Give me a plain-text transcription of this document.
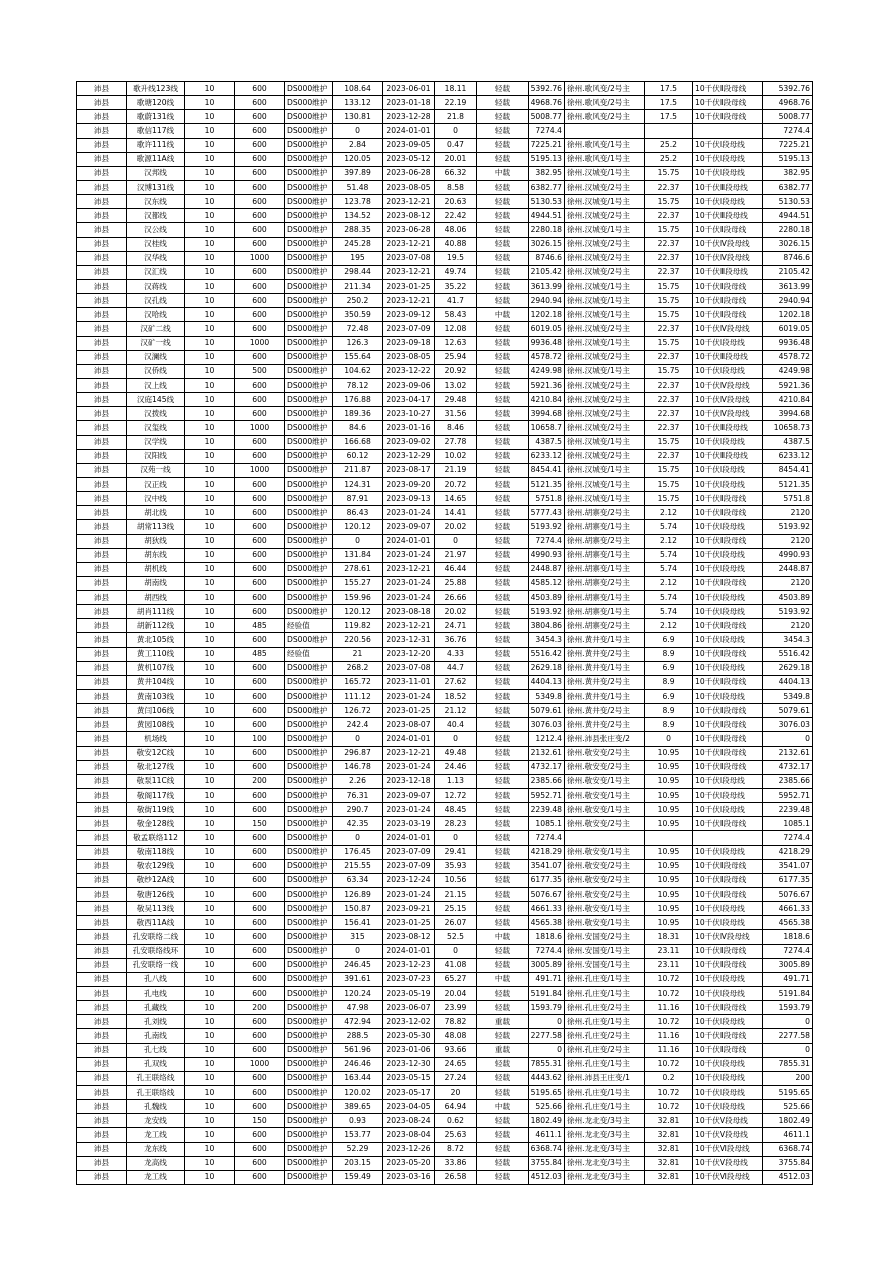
沛县	歌升线123线	10	600	DS000维护	108.64	2023-06-01	18.11	轻载	5392.76	徐州.歌风变/2号主	17.5	10千伏Ⅱ段母线	5392.76
沛县	歌塘120线	10	600	DS000维护	133.12	2023-01-18	22.19	轻载	4968.76	徐州.歌风变/2号主	17.5	10千伏Ⅱ段母线	4968.76
沛县	歌蔚131线	10	600	DS000维护	130.81	2023-12-28	21.8	轻载	5008.77	徐州.歌风变/2号主	17.5	10千伏Ⅱ段母线	5008.77
沛县	歌信117线	10	600	DS000维护	0	2024-01-01	0	轻载	7274.4				7274.4
沛县	歌许111线	10	600	DS000维护	2.84	2023-09-05	0.47	轻载	7225.21	徐州.歌风变/1号主	25.2	10千伏Ⅰ段母线	7225.21
沛县	歌源11A线	10	600	DS000维护	120.05	2023-05-12	20.01	轻载	5195.13	徐州.歌风变/1号主	25.2	10千伏Ⅰ段母线	5195.13
沛县	汉邦线	10	600	DS000维护	397.89	2023-06-28	66.32	中载	382.95	徐州.汉城变/1号主	15.75	10千伏Ⅰ段母线	382.95
沛县	汉博131线	10	600	DS000维护	51.48	2023-08-05	8.58	轻载	6382.77	徐州.汉城变/2号主	22.37	10千伏Ⅲ段母线	6382.77
沛县	汉东线	10	600	DS000维护	123.78	2023-12-21	20.63	轻载	5130.53	徐州.汉城变/1号主	15.75	10千伏Ⅰ段母线	5130.53
沛县	汉都线	10	600	DS000维护	134.52	2023-08-12	22.42	轻载	4944.51	徐州.汉城变/2号主	22.37	10千伏Ⅲ段母线	4944.51
沛县	汉公线	10	600	DS000维护	288.35	2023-06-28	48.06	轻载	2280.18	徐州.汉城变/1号主	15.75	10千伏Ⅱ段母线	2280.18
沛县	汉桂线	10	600	DS000维护	245.28	2023-12-21	40.88	轻载	3026.15	徐州.汉城变/2号主	22.37	10千伏Ⅳ段母线	3026.15
沛县	汉华线	10	1000	DS000维护	195	2023-07-08	19.5	轻载	8746.6	徐州.汉城变/2号主	22.37	10千伏Ⅳ段母线	8746.6
沛县	汉汇线	10	600	DS000维护	298.44	2023-12-21	49.74	轻载	2105.42	徐州.汉城变/2号主	22.37	10千伏Ⅲ段母线	2105.42
沛县	汉蒋线	10	600	DS000维护	211.34	2023-01-25	35.22	轻载	3613.99	徐州.汉城变/1号主	15.75	10千伏Ⅱ段母线	3613.99
沛县	汉孔线	10	600	DS000维护	250.2	2023-12-21	41.7	轻载	2940.94	徐州.汉城变/1号主	15.75	10千伏Ⅱ段母线	2940.94
沛县	汉哈线	10	600	DS000维护	350.59	2023-09-12	58.43	中载	1202.18	徐州.汉城变/1号主	15.75	10千伏Ⅱ段母线	1202.18
沛县	汉矿二线	10	600	DS000维护	72.48	2023-07-09	12.08	轻载	6019.05	徐州.汉城变/2号主	22.37	10千伏Ⅳ段母线	6019.05
沛县	汉矿一线	10	1000	DS000维护	126.3	2023-09-18	12.63	轻载	9936.48	徐州.汉城变/1号主	15.75	10千伏Ⅰ段母线	9936.48
沛县	汉澜线	10	600	DS000维护	155.64	2023-08-05	25.94	轻载	4578.72	徐州.汉城变/2号主	22.37	10千伏Ⅲ段母线	4578.72
沛县	汉侨线	10	500	DS000维护	104.62	2023-12-22	20.92	轻载	4249.98	徐州.汉城变/1号主	15.75	10千伏Ⅰ段母线	4249.98
沛县	汉上线	10	600	DS000维护	78.12	2023-09-06	13.02	轻载	5921.36	徐州.汉城变/2号主	22.37	10千伏Ⅳ段母线	5921.36
沛县	汉庭145线	10	600	DS000维护	176.88	2023-04-17	29.48	轻载	4210.84	徐州.汉城变/2号主	22.37	10千伏Ⅳ段母线	4210.84
沛县	汉拨线	10	600	DS000维护	189.36	2023-10-27	31.56	轻载	3994.68	徐州.汉城变/2号主	22.37	10千伏Ⅳ段母线	3994.68
沛县	汉玺线	10	1000	DS000维护	84.6	2023-01-16	8.46	轻载	10658.7	徐州.汉城变/2号主	22.37	10千伏Ⅲ段母线	10658.73
沛县	汉学线	10	600	DS000维护	166.68	2023-09-02	27.78	轻载	4387.5	徐州.汉城变/1号主	15.75	10千伏Ⅰ段母线	4387.5
沛县	汉阳线	10	600	DS000维护	60.12	2023-12-29	10.02	轻载	6233.12	徐州.汉城变/2号主	22.37	10千伏Ⅲ段母线	6233.12
沛县	汉苑一线	10	1000	DS000维护	211.87	2023-08-17	21.19	轻载	8454.41	徐州.汉城变/1号主	15.75	10千伏Ⅰ段母线	8454.41
沛县	汉正线	10	600	DS000维护	124.31	2023-09-20	20.72	轻载	5121.35	徐州.汉城变/1号主	15.75	10千伏Ⅰ段母线	5121.35
沛县	汉中线	10	600	DS000维护	87.91	2023-09-13	14.65	轻载	5751.8	徐州.汉城变/1号主	15.75	10千伏Ⅱ段母线	5751.8
沛县	胡北线	10	600	DS000维护	86.43	2023-01-24	14.41	轻载	5777.43	徐州.胡寨变/2号主	2.12	10千伏Ⅱ段母线	2120
沛县	胡常113线	10	600	DS000维护	120.12	2023-09-07	20.02	轻载	5193.92	徐州.胡寨变/1号主	5.74	10千伏Ⅰ段母线	5193.92
沛县	胡狄线	10	600	DS000维护	0	2024-01-01	0	轻载	7274.4	徐州.胡寨变/2号主	2.12	10千伏Ⅱ段母线	2120
沛县	胡东线	10	600	DS000维护	131.84	2023-01-24	21.97	轻载	4990.93	徐州.胡寨变/1号主	5.74	10千伏Ⅰ段母线	4990.93
沛县	胡机线	10	600	DS000维护	278.61	2023-12-21	46.44	轻载	2448.87	徐州.胡寨变/1号主	5.74	10千伏Ⅰ段母线	2448.87
沛县	胡南线	10	600	DS000维护	155.27	2023-01-24	25.88	轻载	4585.12	徐州.胡寨变/2号主	2.12	10千伏Ⅱ段母线	2120
沛县	胡西线	10	600	DS000维护	159.96	2023-01-24	26.66	轻载	4503.89	徐州.胡寨变/1号主	5.74	10千伏Ⅰ段母线	4503.89
沛县	胡肖111线	10	600	DS000维护	120.12	2023-08-18	20.02	轻载	5193.92	徐州.胡寨变/1号主	5.74	10千伏Ⅰ段母线	5193.92
沛县	胡新112线	10	485	经验值	119.82	2023-12-21	24.71	轻载	3804.86	徐州.胡寨变/2号主	2.12	10千伏Ⅱ段母线	2120
沛县	黄北105线	10	600	DS000维护	220.56	2023-12-31	36.76	轻载	3454.3	徐州.黄井变/1号主	6.9	10千伏Ⅰ段母线	3454.3
沛县	黄工110线	10	485	经验值	21	2023-12-20	4.33	轻载	5516.42	徐州.黄井变/2号主	8.9	10千伏Ⅱ段母线	5516.42
沛县	黄机107线	10	600	DS000维护	268.2	2023-07-08	44.7	轻载	2629.18	徐州.黄井变/1号主	6.9	10千伏Ⅰ段母线	2629.18
沛县	黄井104线	10	600	DS000维护	165.72	2023-11-01	27.62	轻载	4404.13	徐州.黄井变/2号主	8.9	10千伏Ⅱ段母线	4404.13
沛县	黄南103线	10	600	DS000维护	111.12	2023-01-24	18.52	轻载	5349.8	徐州.黄井变/1号主	6.9	10千伏Ⅰ段母线	5349.8
沛县	黄闫106线	10	600	DS000维护	126.72	2023-01-25	21.12	轻载	5079.61	徐州.黄井变/2号主	8.9	10千伏Ⅱ段母线	5079.61
沛县	黄园108线	10	600	DS000维护	242.4	2023-08-07	40.4	轻载	3076.03	徐州.黄井变/2号主	8.9	10千伏Ⅱ段母线	3076.03
沛县	机场线	10	100	DS000维护	0	2024-01-01	0	轻载	1212.4	徐州.沛县张庄变/2	0	10千伏Ⅱ段母线	0
沛县	敬安12C线	10	600	DS000维护	296.87	2023-12-21	49.48	轻载	2132.61	徐州.敬安变/2号主	10.95	10千伏Ⅱ段母线	2132.61
沛县	敬北127线	10	600	DS000维护	146.78	2023-01-24	24.46	轻载	4732.17	徐州.敬安变/2号主	10.95	10千伏Ⅱ段母线	4732.17
沛县	敬泵11C线	10	200	DS000维护	2.26	2023-12-18	1.13	轻载	2385.66	徐州.敬安变/1号主	10.95	10千伏Ⅰ段母线	2385.66
沛县	敬阁117线	10	600	DS000维护	76.31	2023-09-07	12.72	轻载	5952.71	徐州.敬安变/1号主	10.95	10千伏Ⅰ段母线	5952.71
沛县	敬街119线	10	600	DS000维护	290.7	2023-01-24	48.45	轻载	2239.48	徐州.敬安变/1号主	10.95	10千伏Ⅰ段母线	2239.48
沛县	敬金128线	10	150	DS000维护	42.35	2023-03-19	28.23	轻载	1085.1	徐州.敬安变/2号主	10.95	10千伏Ⅱ段母线	1085.1
沛县	敬孟联络112	10	600	DS000维护	0	2024-01-01	0	轻载	7274.4				7274.4
沛县	敬南118线	10	600	DS000维护	176.45	2023-07-09	29.41	轻载	4218.29	徐州.敬安变/1号主	10.95	10千伏Ⅰ段母线	4218.29
沛县	敬农129线	10	600	DS000维护	215.55	2023-07-09	35.93	轻载	3541.07	徐州.敬安变/2号主	10.95	10千伏Ⅱ段母线	3541.07
沛县	敬纱12A线	10	600	DS000维护	63.34	2023-12-24	10.56	轻载	6177.35	徐州.敬安变/2号主	10.95	10千伏Ⅱ段母线	6177.35
沛县	敬唐126线	10	600	DS000维护	126.89	2023-01-24	21.15	轻载	5076.67	徐州.敬安变/2号主	10.95	10千伏Ⅱ段母线	5076.67
沛县	敬吴113线	10	600	DS000维护	150.87	2023-09-21	25.15	轻载	4661.33	徐州.敬安变/1号主	10.95	10千伏Ⅰ段母线	4661.33
沛县	敬西11A线	10	600	DS000维护	156.41	2023-01-25	26.07	轻载	4565.38	徐州.敬安变/1号主	10.95	10千伏Ⅰ段母线	4565.38
沛县	孔安联络二线	10	600	DS000维护	315	2023-08-12	52.5	中载	1818.6	徐州.安国变/2号主	18.31	10千伏Ⅳ段母线	1818.6
沛县	孔安联络线环	10	600	DS000维护	0	2024-01-01	0	轻载	7274.4	徐州.安国变/1号主	23.11	10千伏Ⅱ段母线	7274.4
沛县	孔安联络一线	10	600	DS000维护	246.45	2023-12-23	41.08	轻载	3005.89	徐州.安国变/1号主	23.11	10千伏Ⅱ段母线	3005.89
沛县	孔八线	10	600	DS000维护	391.61	2023-07-23	65.27	中载	491.71	徐州.孔庄变/1号主	10.72	10千伏Ⅰ段母线	491.71
沛县	孔电线	10	600	DS000维护	120.24	2023-05-19	20.04	轻载	5191.84	徐州.孔庄变/1号主	10.72	10千伏Ⅰ段母线	5191.84
沛县	孔藏线	10	200	DS000维护	47.98	2023-06-07	23.99	轻载	1593.79	徐州.孔庄变/2号主	11.16	10千伏Ⅱ段母线	1593.79
沛县	孔刘线	10	600	DS000维护	472.94	2023-12-02	78.82	重载	0	徐州.孔庄变/1号主	10.72	10千伏Ⅰ段母线	0
沛县	孔南线	10	600	DS000维护	288.5	2023-05-30	48.08	轻载	2277.58	徐州.孔庄变/2号主	11.16	10千伏Ⅱ段母线	2277.58
沛县	孔七线	10	600	DS000维护	561.96	2023-01-06	93.66	重载	0	徐州.孔庄变/2号主	11.16	10千伏Ⅱ段母线	0
沛县	孔双线	10	1000	DS000维护	246.46	2023-12-30	24.65	轻载	7855.31	徐州.孔庄变/1号主	10.72	10千伏Ⅰ段母线	7855.31
沛县	孔王联络线	10	600	DS000维护	163.44	2023-05-15	27.24	轻载	4443.62	徐州.沛县王庄变/1	0.2	10千伏Ⅰ段母线	200
沛县	孔王联络线	10	600	DS000维护	120.02	2023-05-17	20	轻载	5195.65	徐州.孔庄变/1号主	10.72	10千伏Ⅰ段母线	5195.65
沛县	孔魏线	10	600	DS000维护	389.65	2023-04-05	64.94	中载	525.66	徐州.孔庄变/1号主	10.72	10千伏Ⅰ段母线	525.66
沛县	龙安线	10	150	DS000维护	0.93	2023-08-24	0.62	轻载	1802.49	徐州.龙北变/3号主	32.81	10千伏Ⅴ段母线	1802.49
沛县	龙工线	10	600	DS000维护	153.77	2023-08-04	25.63	轻载	4611.1	徐州.龙北变/3号主	32.81	10千伏Ⅴ段母线	4611.1
沛县	龙东线	10	600	DS000维护	52.29	2023-12-26	8.72	轻载	6368.74	徐州.龙北变/3号主	32.81	10千伏Ⅵ段母线	6368.74
沛县	龙高线	10	600	DS000维护	203.15	2023-05-20	33.86	轻载	3755.84	徐州.龙北变/3号主	32.81	10千伏Ⅴ段母线	3755.84
沛县	龙工线	10	600	DS000维护	159.49	2023-03-16	26.58	轻载	4512.03	徐州.龙北变/3号主	32.81	10千伏Ⅵ段母线	4512.03
